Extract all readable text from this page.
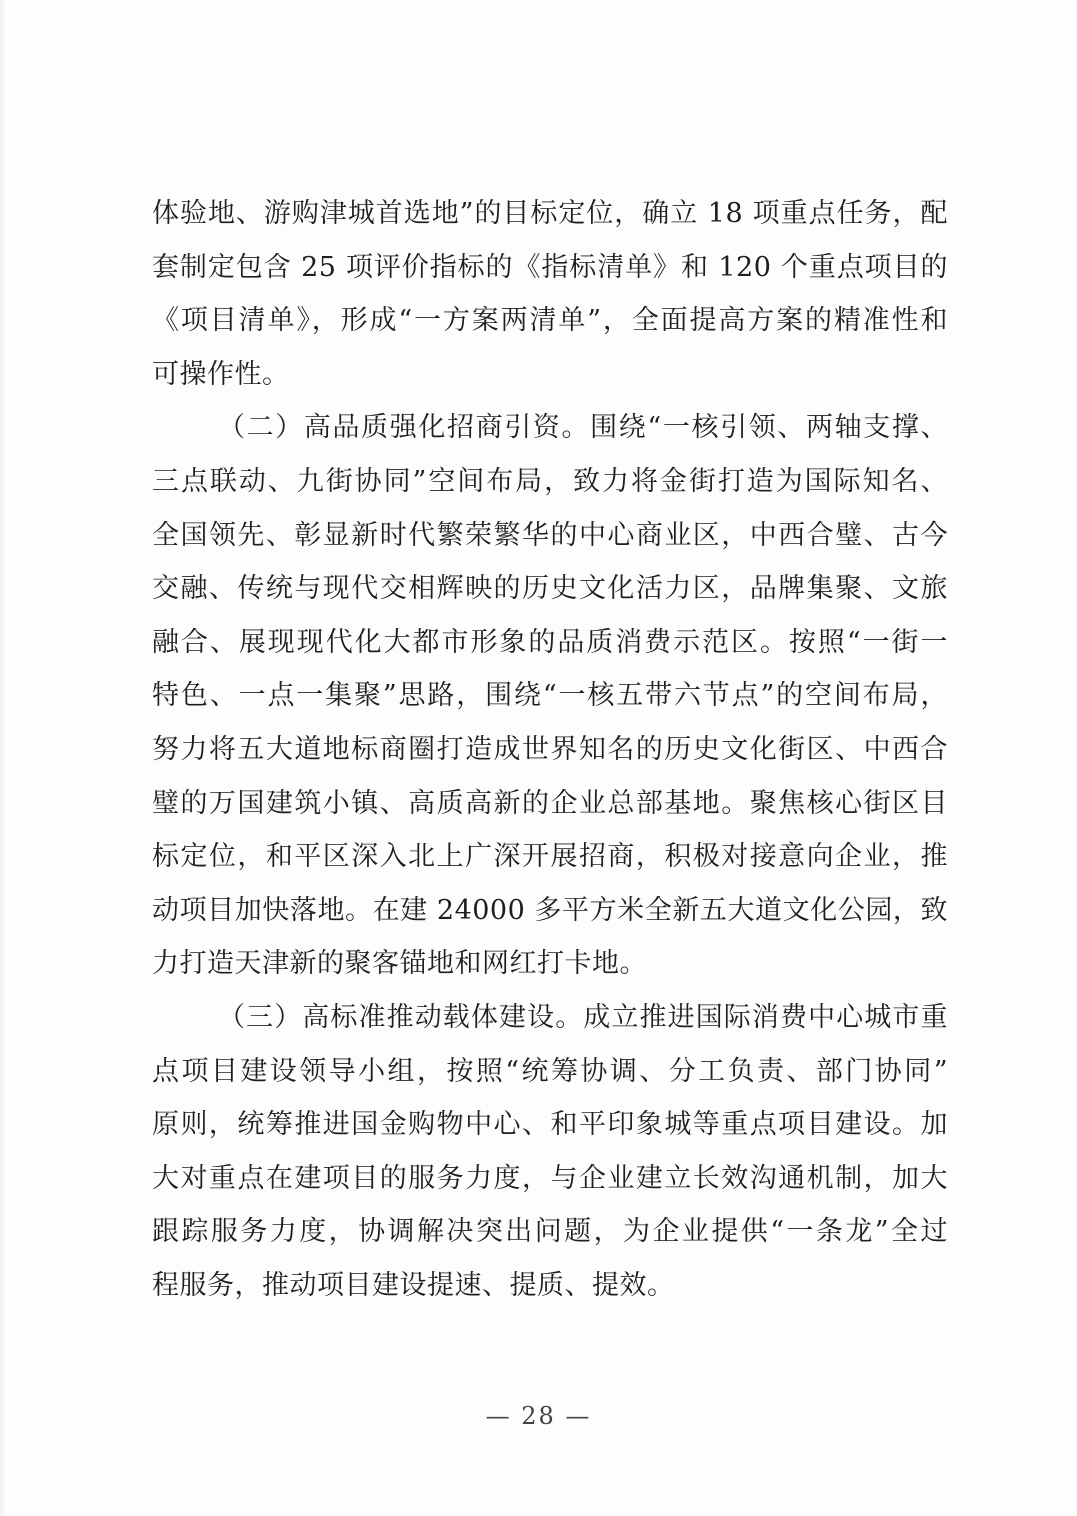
体验地、游购津城首选地”的目标定位，确立 18 项重点任务，配
套制定包含 25 项评价指标的《指标清单》和 120 个重点项目的
《项目清单》，形成“一方案两清单”，全面提高方案的精准性和
可操作性。
（二）高品质强化招商引资。围绕“一核引领、两轴支撑、
三点联动、九街协同”空间布局，致力将金街打造为国际知名、
全国领先、彰显新时代繁荣繁华的中心商业区，中西合璧、古今
交融、传统与现代交相辉映的历史文化活力区，品牌集聚、文旅
融合、展现现代化大都市形象的品质消费示范区。按照“一街一
特色、一点一集聚”思路，围绕“一核五带六节点”的空间布局，
努力将五大道地标商圈打造成世界知名的历史文化街区、中西合
璧的万国建筑小镇、高质高新的企业总部基地。聚焦核心街区目
标定位，和平区深入北上广深开展招商，积极对接意向企业，推
动项目加快落地。在建 24000 多平方米全新五大道文化公园，致
力打造天津新的聚客锚地和网红打卡地。
（三）高标准推动载体建设。成立推进国际消费中心城市重
点项目建设领导小组，按照“统筹协调、分工负责、部门协同”
原则，统筹推进国金购物中心、和平印象城等重点项目建设。加
大对重点在建项目的服务力度，与企业建立长效沟通机制，加大
跟踪服务力度，协调解决突出问题，为企业提供“一条龙”全过
程服务，推动项目建设提速、提质、提效。
— 28 —
